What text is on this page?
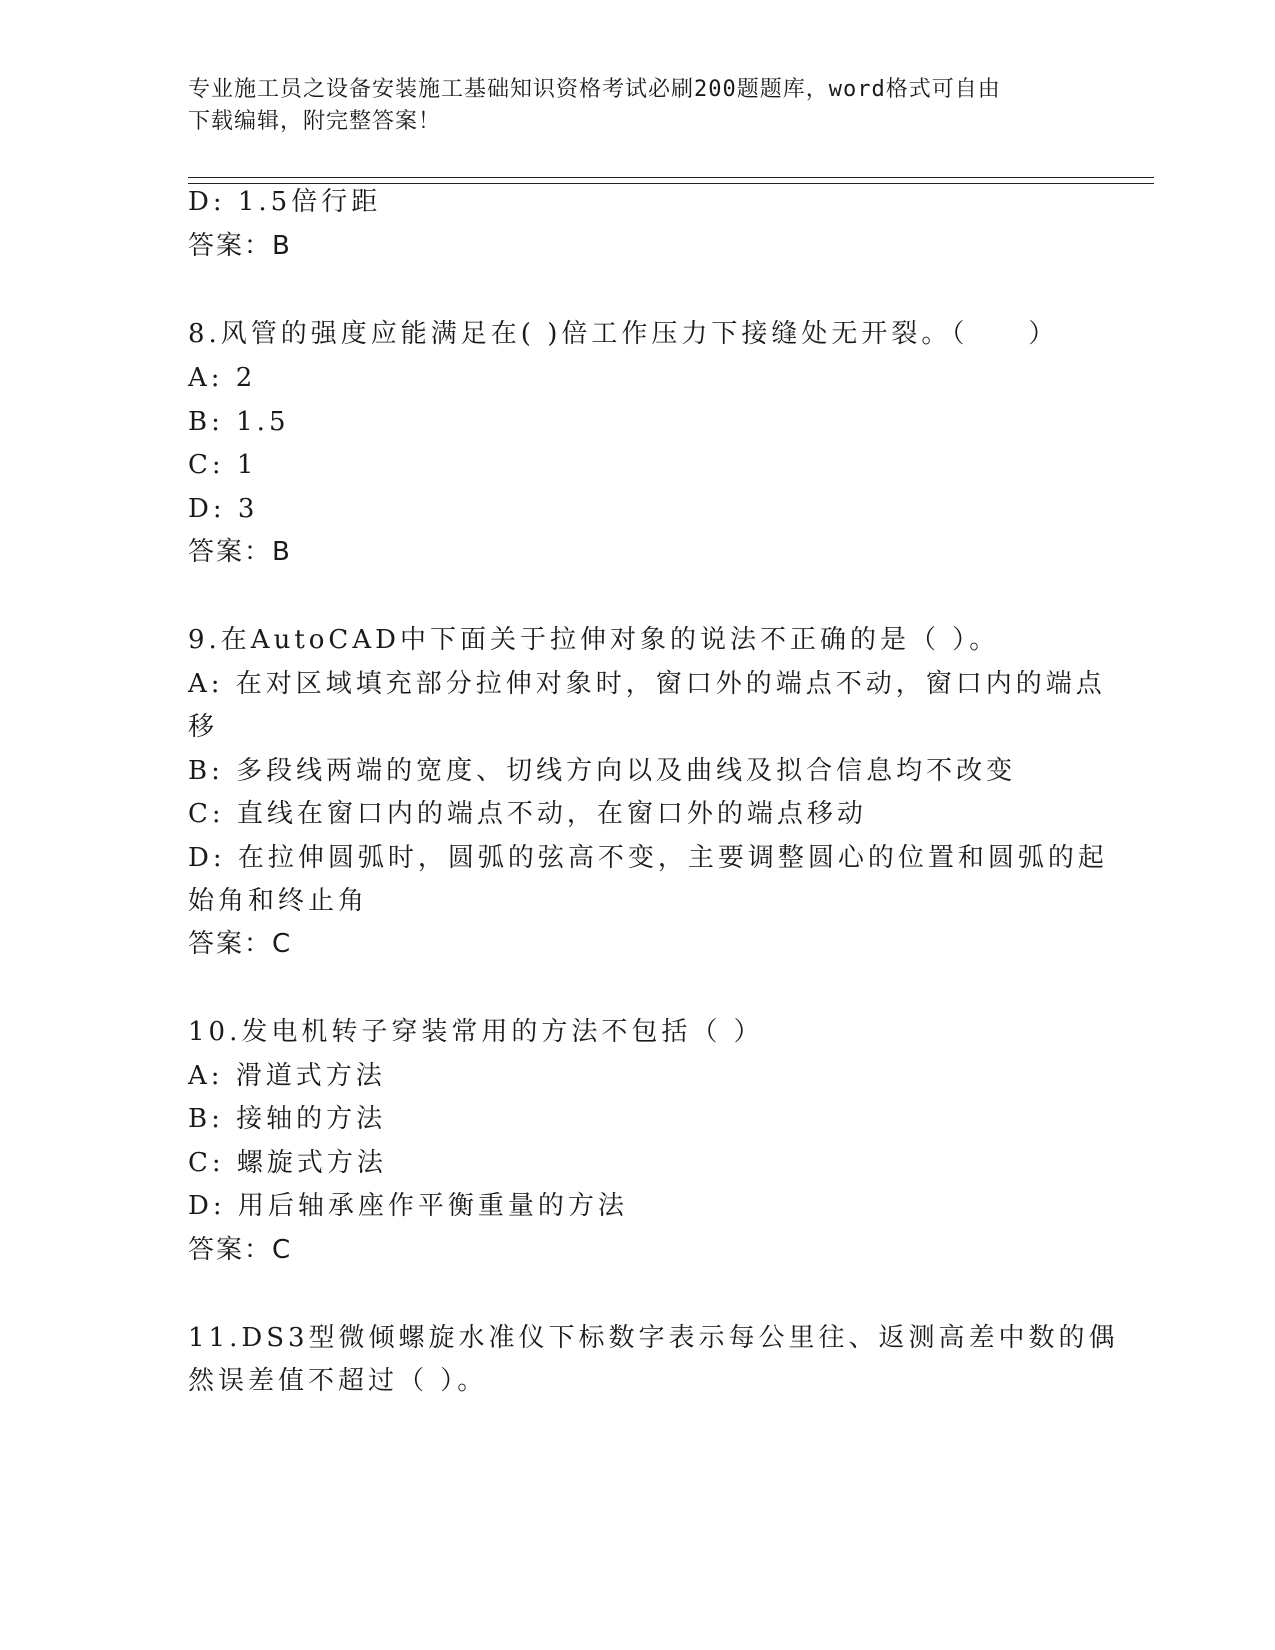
专业施工员之设备安装施工基础知识资格考试必刷200题题库，word格式可自由
下载编辑，附完整答案！
D: 1.5倍行距
答案：B
8.风管的强度应能满足在( )倍工作压力下接缝处无开裂。（　　）
A: 2
B: 1.5
C: 1
D: 3
答案：B
9.在AutoCAD中下面关于拉伸对象的说法不正确的是（ ）。
A: 在对区域填充部分拉伸对象时，窗口外的端点不动，窗口内的端点
移
B: 多段线两端的宽度、切线方向以及曲线及拟合信息均不改变
C: 直线在窗口内的端点不动，在窗口外的端点移动
D: 在拉伸圆弧时，圆弧的弦高不变，主要调整圆心的位置和圆弧的起
始角和终止角
答案：C
10.发电机转子穿装常用的方法不包括（ ）
A: 滑道式方法
B: 接轴的方法
C: 螺旋式方法
D: 用后轴承座作平衡重量的方法
答案：C
11.DS3型微倾螺旋水准仪下标数字表示每公里往、返测高差中数的偶
然误差值不超过（ ）。
